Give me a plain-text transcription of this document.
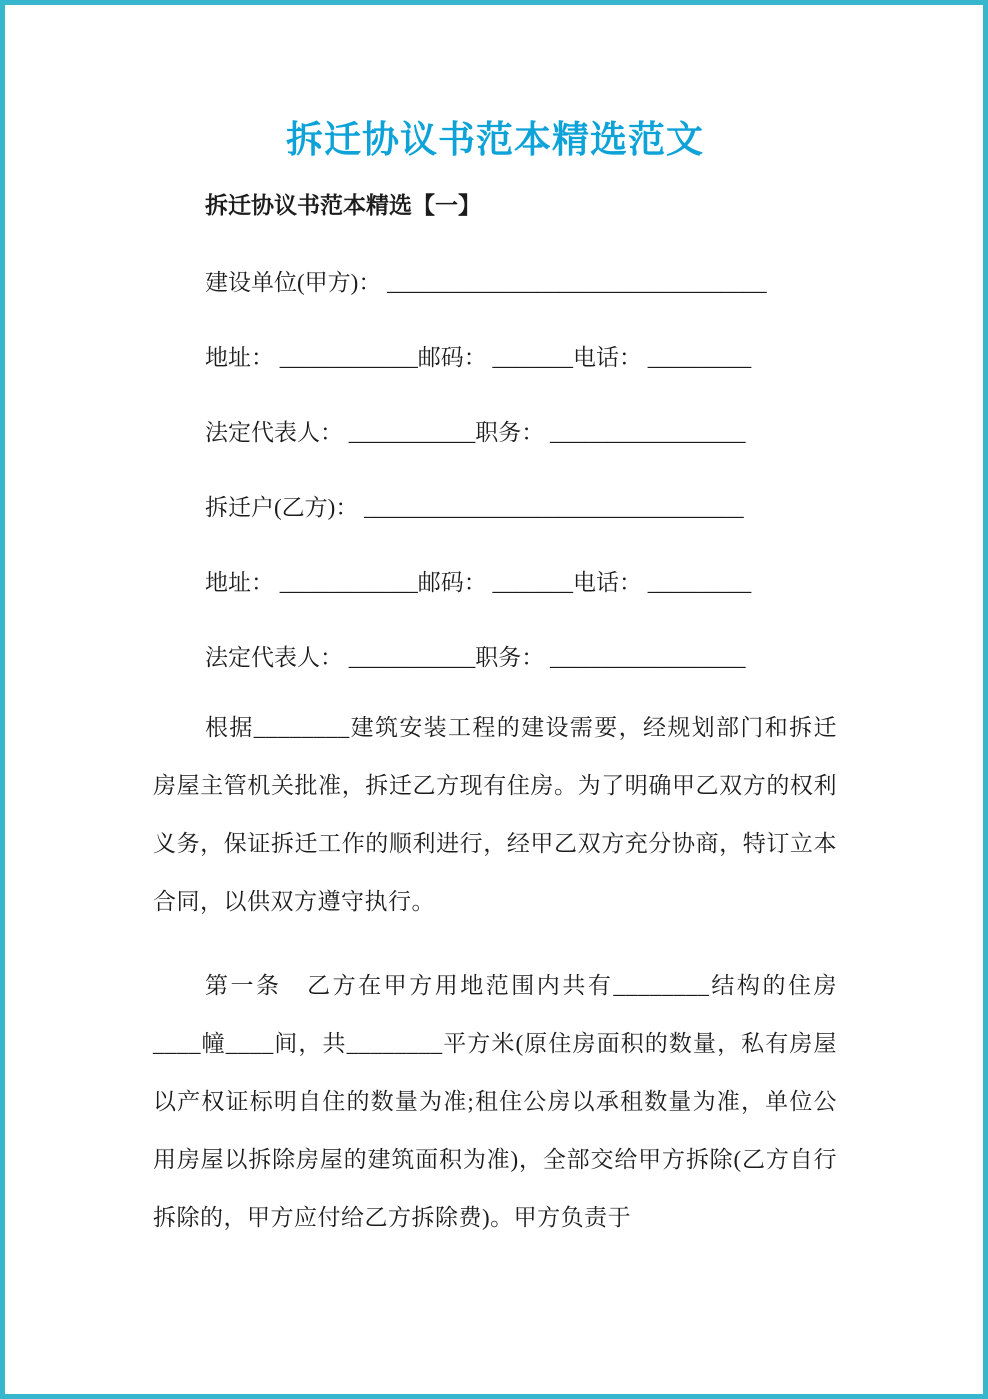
拆迁协议书范本精选范文

拆迁协议书范本精选【一】

建设单位(甲方)： _________________________________

地址： ____________邮码： _______电话： _________

法定代表人： ___________职务： _________________

拆迁户(乙方)： _________________________________

地址： ____________邮码： _______电话： _________

法定代表人： ___________职务： _________________

根据________建筑安装工程的建设需要，经规划部门和拆迁房屋主管机关批准，拆迁乙方现有住房。为了明确甲乙双方的权利义务，保证拆迁工作的顺利进行，经甲乙双方充分协商，特订立本合同，以供双方遵守执行。

第一条　乙方在甲方用地范围内共有________结构的住房____幢____间，共________平方米(原住房面积的数量，私有房屋以产权证标明自住的数量为准;租住公房以承租数量为准，单位公用房屋以拆除房屋的建筑面积为准)，全部交给甲方拆除(乙方自行拆除的，甲方应付给乙方拆除费)。甲方负责于
